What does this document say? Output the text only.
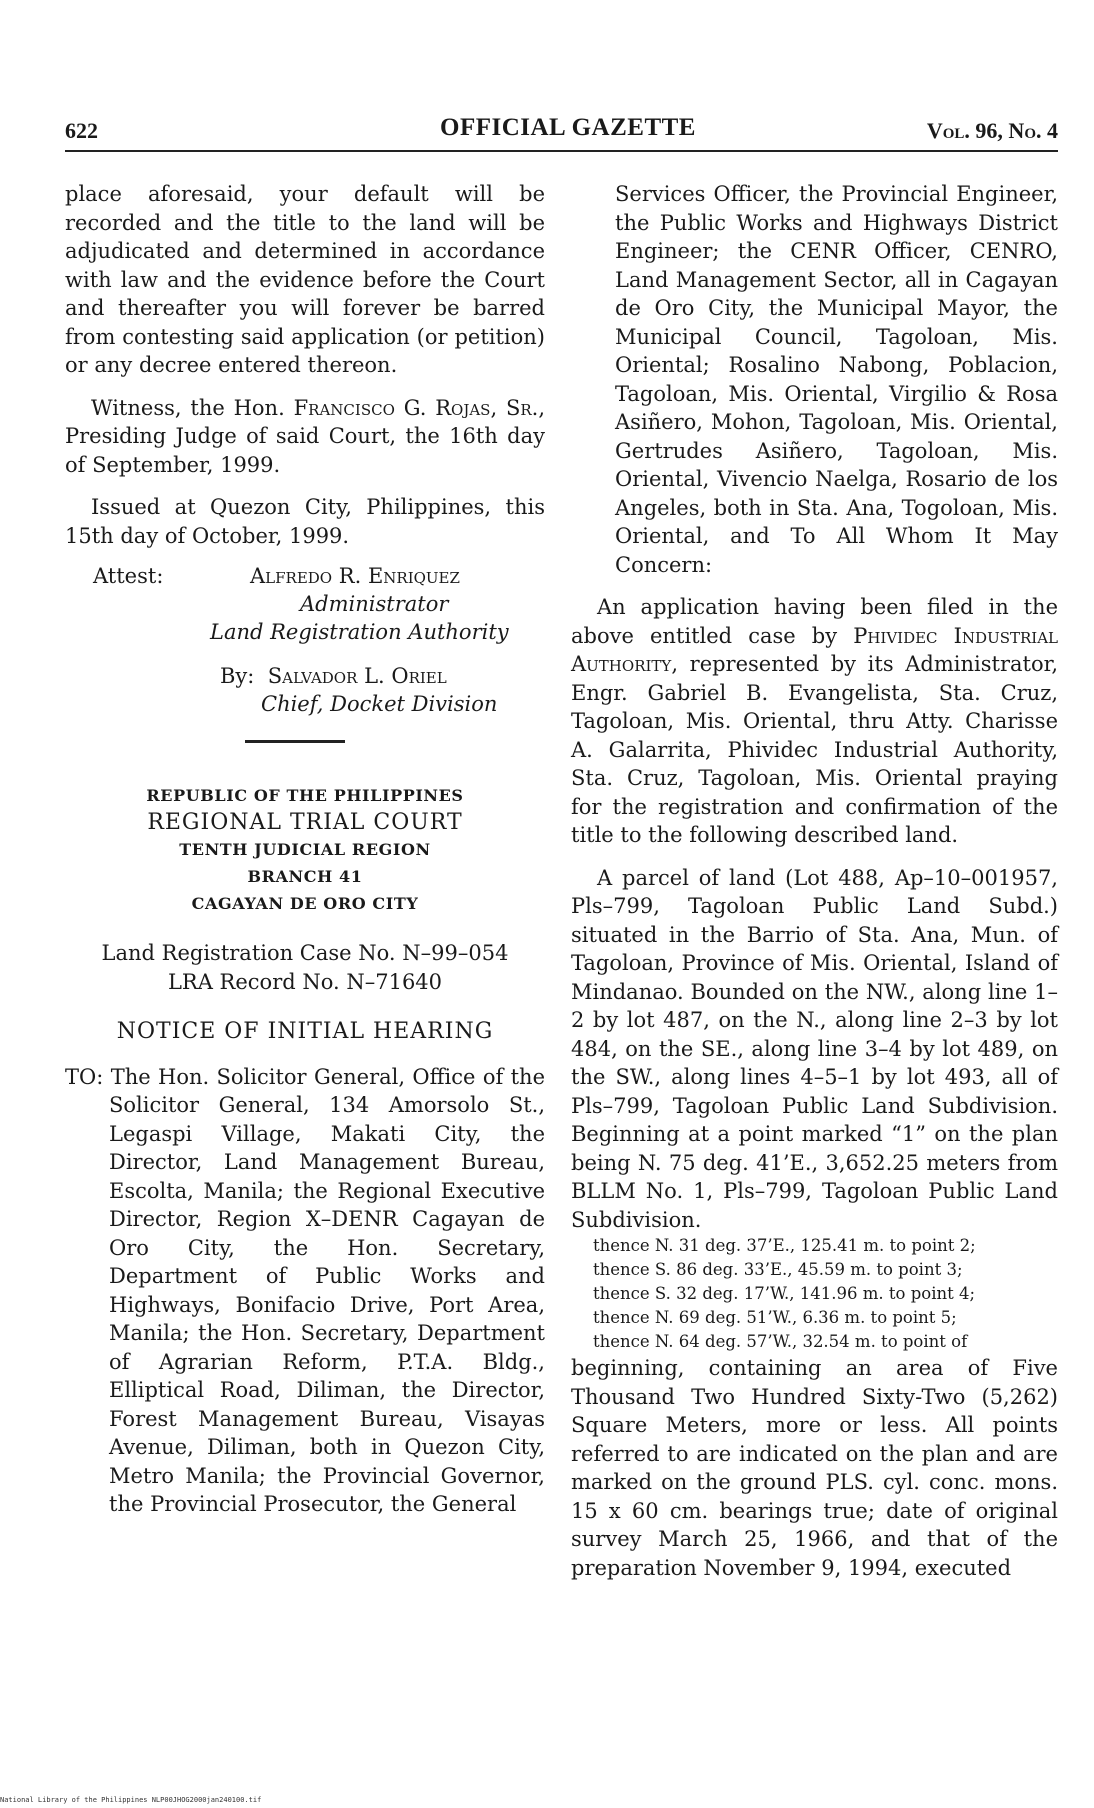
622	OFFICIAL GAZETTE	Vol. 96, No. 4

place aforesaid, your default will be recorded and the title to the land will be adjudicated and determined in accordance with law and the evidence before the Court and thereafter you will forever be barred from contesting said application (or petition) or any decree entered thereon.

Witness, the Hon. Francisco G. Rojas, Sr., Presiding Judge of said Court, the 16th day of September, 1999.

Issued at Quezon City, Philippines, this 15th day of October, 1999.

Attest:	Alfredo R. Enriquez
Administrator
Land Registration Authority
By: Salvador L. Oriel
Chief, Docket Division
REPUBLIC OF THE PHILIPPINES
REGIONAL TRIAL COURT
TENTH JUDICIAL REGION
BRANCH 41
CAGAYAN DE ORO CITY
Land Registration Case No. N–99–054
LRA Record No. N–71640
NOTICE OF INITIAL HEARING

TO: The Hon. Solicitor General, Office of the Solicitor General, 134 Amorsolo St., Legaspi Village, Makati City, the Director, Land Management Bureau, Escolta, Manila; the Regional Executive Director, Region X–DENR Cagayan de Oro City, the Hon. Secretary, Department of Public Works and Highways, Bonifacio Drive, Port Area, Manila; the Hon. Secretary, Department of Agrarian Reform, P.T.A. Bldg., Elliptical Road, Diliman, the Director, Forest Management Bureau, Visayas Avenue, Diliman, both in Quezon City, Metro Manila; the Provincial Governor, the Provincial Prosecutor, the General

Services Officer, the Provincial Engineer, the Public Works and Highways District Engineer; the CENR Officer, CENRO, Land Management Sector, all in Cagayan de Oro City, the Municipal Mayor, the Municipal Council, Tagoloan, Mis. Oriental; Rosalino Nabong, Poblacion, Tagoloan, Mis. Oriental, Virgilio & Rosa Asiñero, Mohon, Tagoloan, Mis. Oriental, Gertrudes Asiñero, Tagoloan, Mis. Oriental, Vivencio Naelga, Rosario de los Angeles, both in Sta. Ana, Togoloan, Mis. Oriental, and To All Whom It May Concern:

An application having been filed in the above entitled case by Phividec Industrial Authority, represented by its Administrator, Engr. Gabriel B. Evangelista, Sta. Cruz, Tagoloan, Mis. Oriental, thru Atty. Charisse A. Galarrita, Phividec Industrial Authority, Sta. Cruz, Tagoloan, Mis. Oriental praying for the registration and confirmation of the title to the following described land.

A parcel of land (Lot 488, Ap–10–001957, Pls–799, Tagoloan Public Land Subd.) situated in the Barrio of Sta. Ana, Mun. of Tagoloan, Province of Mis. Oriental, Island of Mindanao. Bounded on the NW., along line 1–2 by lot 487, on the N., along line 2–3 by lot 484, on the SE., along line 3–4 by lot 489, on the SW., along lines 4–5–1 by lot 493, all of Pls–799, Tagoloan Public Land Subdivision. Beginning at a point marked “1” on the plan being N. 75 deg. 41’E., 3,652.25 meters from BLLM No. 1, Pls–799, Tagoloan Public Land Subdivision.

thence N. 31 deg. 37’E., 125.41 m. to point 2;
thence S. 86 deg. 33’E., 45.59 m. to point 3;
thence S. 32 deg. 17’W., 141.96 m. to point 4;
thence N. 69 deg. 51’W., 6.36 m. to point 5;
thence N. 64 deg. 57’W., 32.54 m. to point of

beginning, containing an area of Five Thousand Two Hundred Sixty-Two (5,262) Square Meters, more or less. All points referred to are indicated on the plan and are marked on the ground PLS. cyl. conc. mons. 15 x 60 cm. bearings true; date of original survey March 25, 1966, and that of the preparation November 9, 1994, executed

National Library of the Philippines NLP00JHOG2000jan240100.tif
